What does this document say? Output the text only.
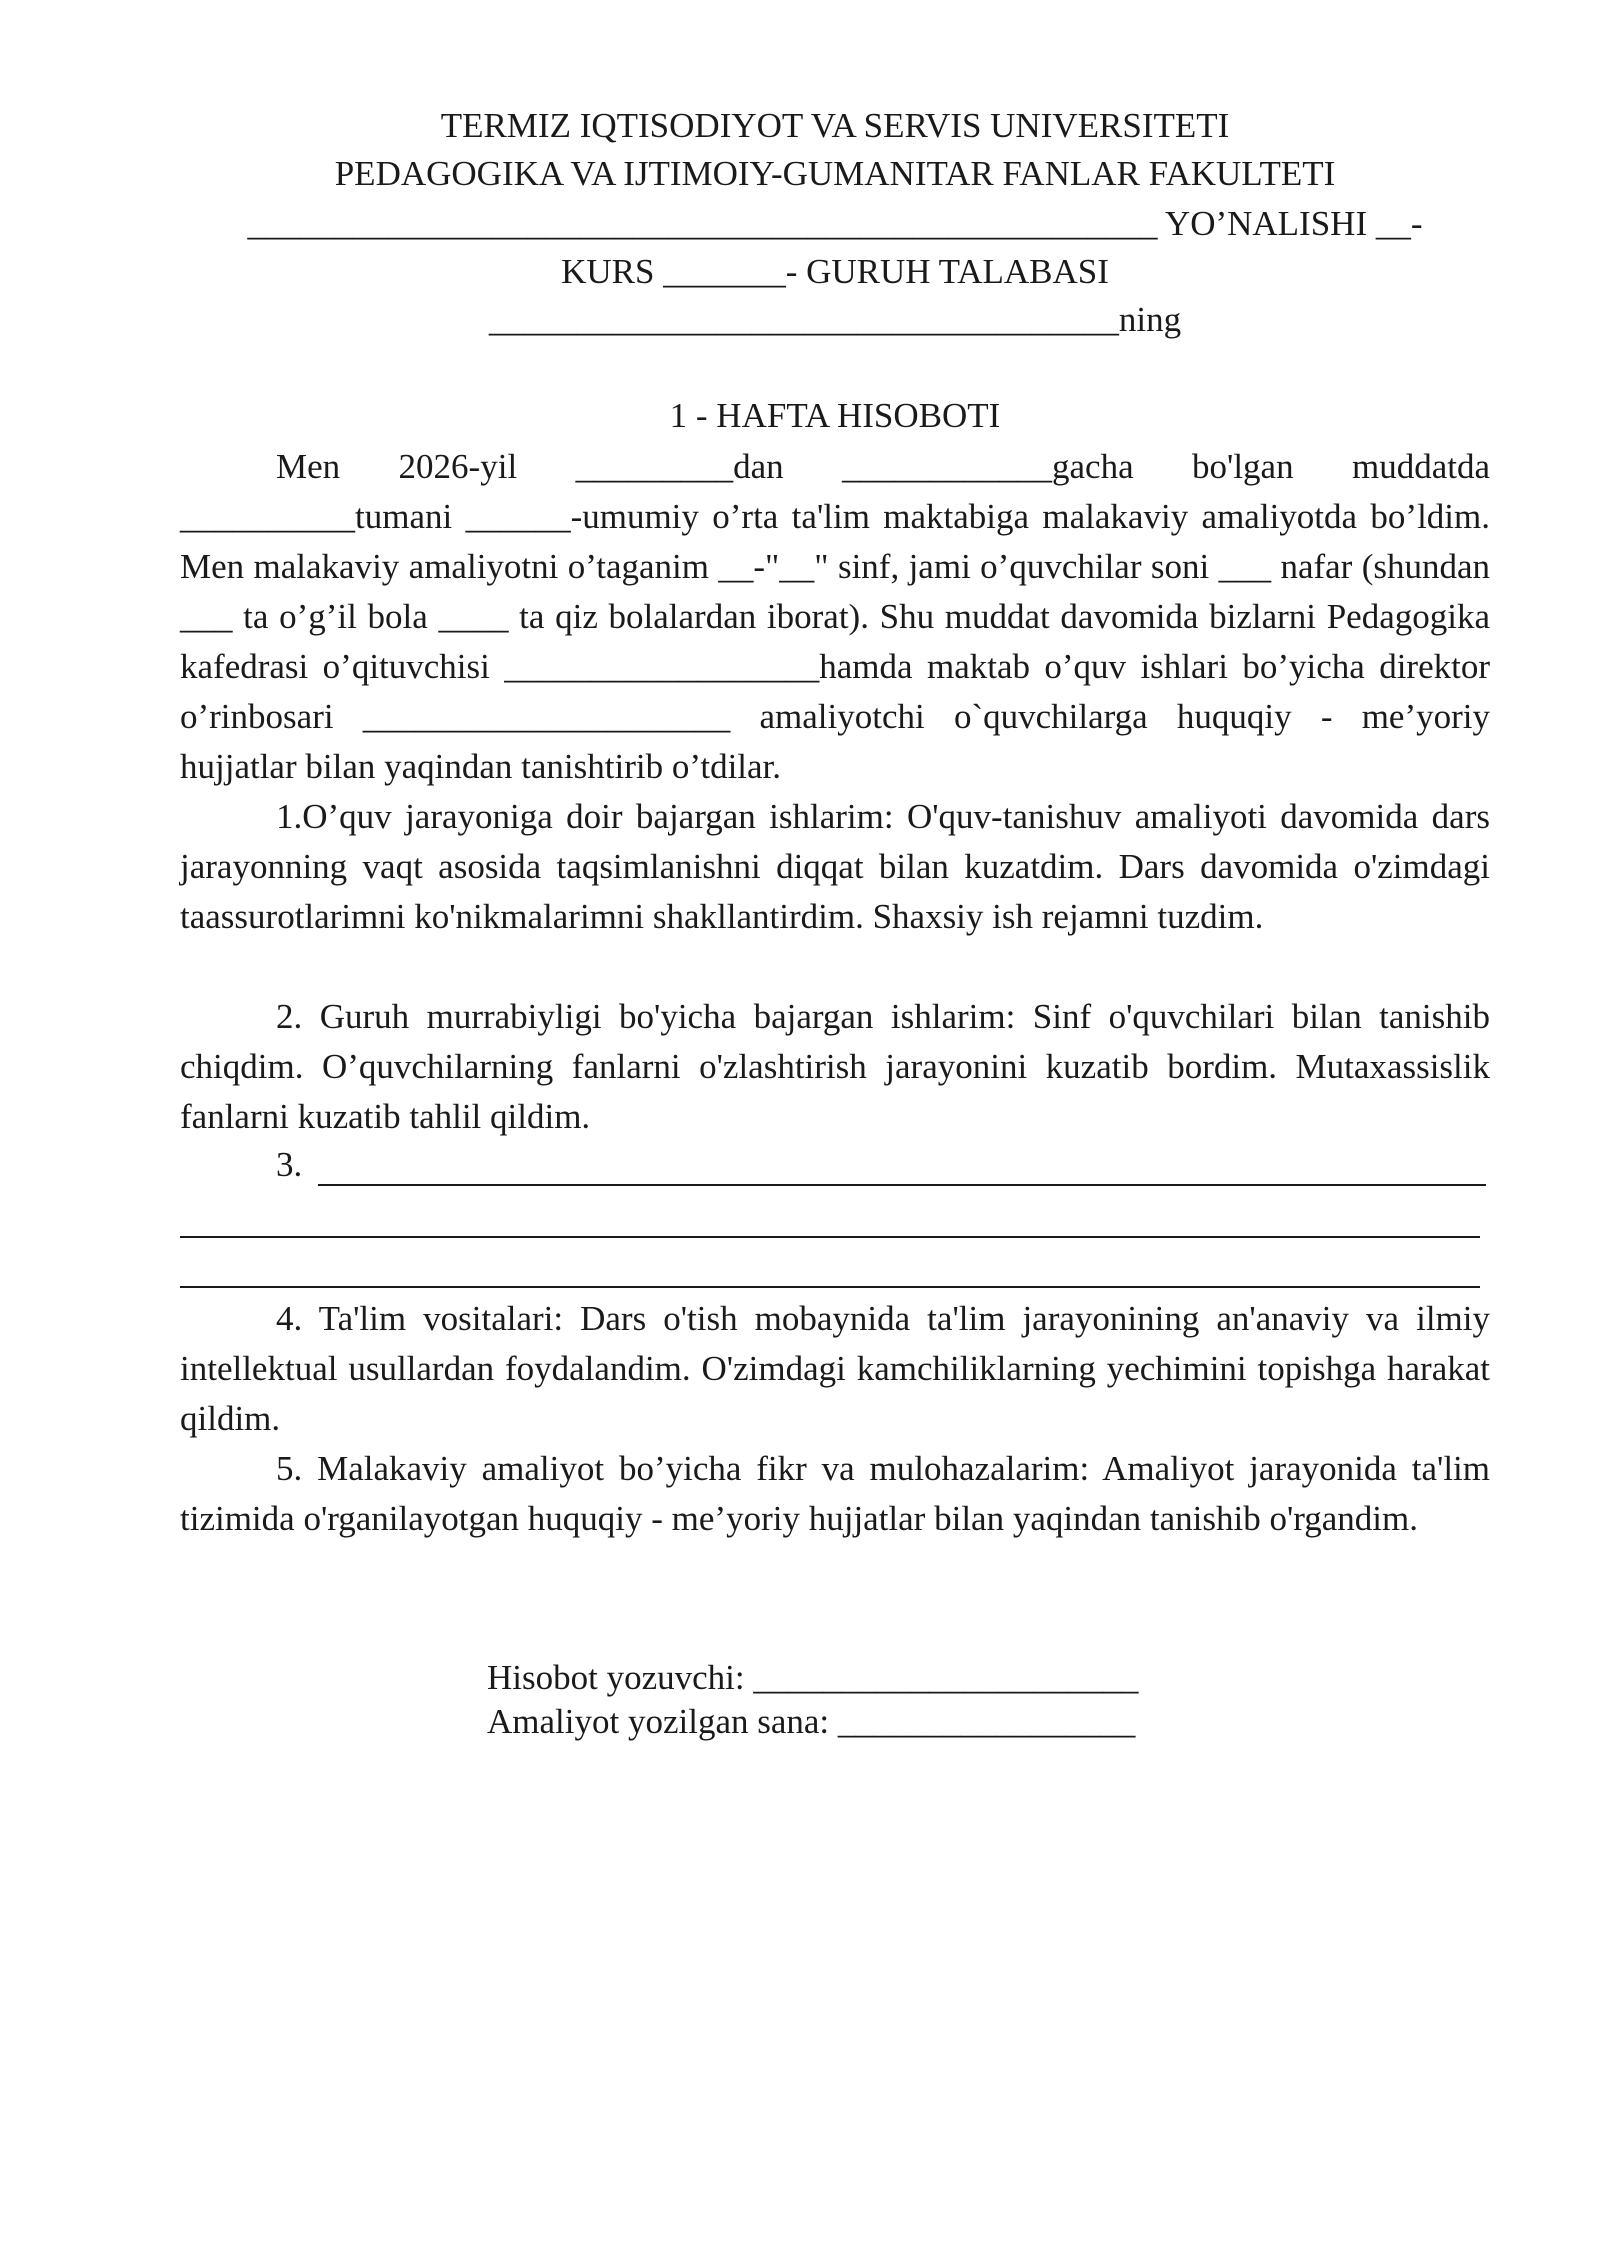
TERMIZ IQTISODIYOT VA SERVIS UNIVERSITETI
PEDAGOGIKA VA IJTIMOIY-GUMANITAR FANLAR FAKULTETI
____________________________________________________ YO’NALISHI __-
KURS _______- GURUH TALABASI
____________________________________ning
1 - HAFTA HISOBOTI
Men 2026-yil _________dan ____________gacha bo'lgan muddatda __________tumani ______-umumiy o’rta ta'lim maktabiga malakaviy amaliyotda bo’ldim. Men malakaviy amaliyotni o’taganim __-"__" sinf, jami o’quvchilar soni ___ nafar (shundan ___ ta o’g’il bola ____ ta qiz bolalardan iborat). Shu muddat davomida bizlarni Pedagogika kafedrasi o’qituvchisi __________________hamda maktab o’quv ishlari bo’yicha direktor o’rinbosari _____________________ amaliyotchi o`quvchilarga huquqiy - me’yoriy hujjatlar bilan yaqindan tanishtirib o’tdilar.
1.O’quv jarayoniga doir bajargan ishlarim: O'quv-tanishuv amaliyoti davomida dars jarayonning vaqt asosida taqsimlanishni diqqat bilan kuzatdim. Dars davomida o'zimdagi taassurotlarimni ko'nikmalarimni shakllantirdim. Shaxsiy ish rejamni tuzdim.
2. Guruh murrabiyligi bo'yicha bajargan ishlarim: Sinf o'quvchilari bilan tanishib chiqdim. O’quvchilarning fanlarni o'zlashtirish jarayonini kuzatib bordim. Mutaxassislik fanlarni kuzatib tahlil qildim.
3.
4. Ta'lim vositalari: Dars o'tish mobaynida ta'lim jarayonining an'anaviy va ilmiy intellektual usullardan foydalandim. O'zimdagi kamchiliklarning yechimini topishga harakat qildim.
5. Malakaviy amaliyot bo’yicha fikr va mulohazalarim: Amaliyot jarayonida ta'lim tizimida o'rganilayotgan huquqiy - me’yoriy hujjatlar bilan yaqindan tanishib o'rgandim.
Hisobot yozuvchi: ______________________
Amaliyot yozilgan sana: _________________
